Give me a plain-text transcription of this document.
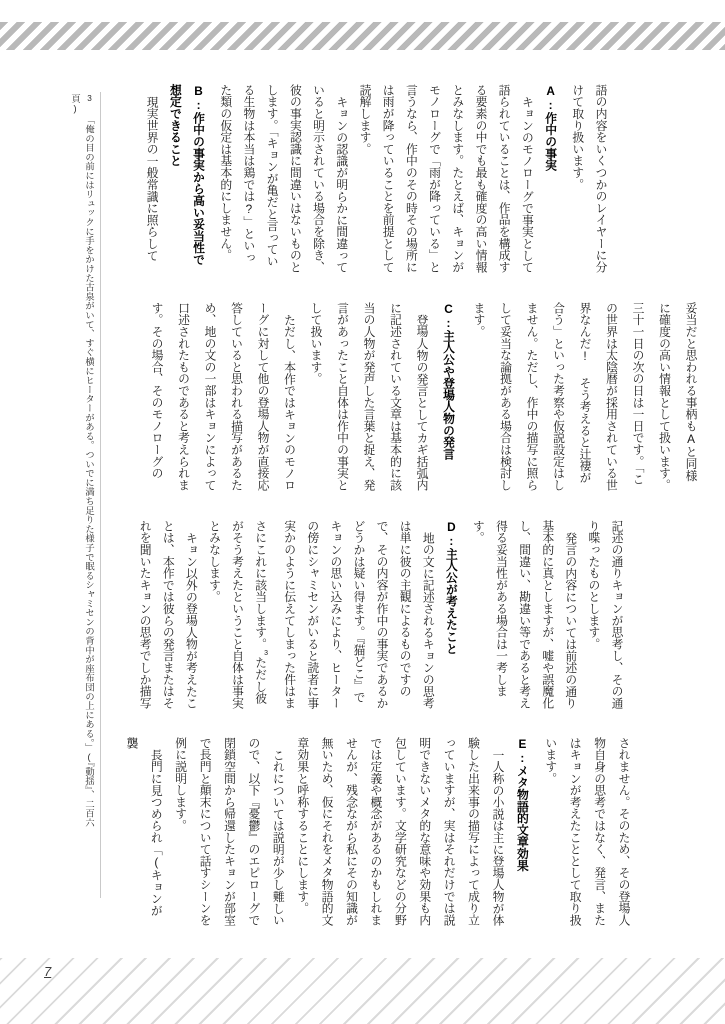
語の内容をいくつかのレイヤーに分けて取り扱います。

A:作中の事実

キョンのモノローグで事実として語られていることは、作品を構成する要素の中でも最も確度の高い情報とみなします。たとえば、キョンがモノローグで「雨が降っている」と言うなら、作中のその時その場所には雨が降っていることを前提として読解します。

キョンの認識が明らかに間違っていると明示されている場合を除き、彼の事実認識に間違いはないものとします。「キョンが亀だと言っている生物は本当は鶏では?」といった類の仮定は基本的にしません。

B:作中の事実から高い妥当性で想定できること

現実世界の一般常識に照らして

妥当だと思われる事柄もAと同様に確度の高い情報として扱います。三十一日の次の日は一日です。「この世界は太陰暦が採用されている世界なんだ! そう考えると辻褄が合う」といった考察や仮説設定はしません。ただし、作中の描写に照らして妥当な論拠がある場合は検討します。

C:主人公や登場人物の発言

登場人物の発言としてカギ括弧内に記述されている文章は基本的に該当の人物が発声した言葉と捉え、発言があったこと自体は作中の事実として扱います。

ただし、本作ではキョンのモノローグに対して他の登場人物が直接応答していると思われる描写があるため、地の文の一部はキョンによって口述されたものであると考えられます。その場合、そのモノローグの

記述の通りキョンが思考し、その通り喋ったものとします。

発言の内容については前述の通り基本的に真としますが、嘘や誤魔化し、間違い、勘違い等であると考え得る妥当性がある場合は一考します。

D:主人公が考えたこと

地の文に記述されるキョンの思考は単に彼の主観によるものですので、その内容が作中の事実であるかどうかは疑い得ます。『猫どこ』でキョンの思い込みにより、ヒーターの傍にシャミセンがいると読者に事実かのように伝えてしまった件はまさにこれに該当します。$^3$ただし彼がそう考えたということ自体は事実とみなします。

キョン以外の登場人物が考えたことは、本作では彼らの発言またはそれを聞いたキョンの思考でしか描写

されません。そのため、その登場人物自身の思考ではなく、発言、またはキョンが考えたこととして取り扱います。

E:メタ物語的文章効果

一人称の小説は主に登場人物が体験した出来事の描写によって成り立っていますが、実はそれだけでは説明できないメタ的な意味や効果も内包しています。文学研究などの分野では定義や概念があるのかもしれませんが、残念ながら私にその知識が無いため、仮にそれをメタ物語的文章効果と呼称することにします。

これについては説明が少し難しいので、以下『憂鬱』のエピローグで閉鎖空間から帰還したキョンが部室で長門と顛末について話すシーンを例に説明します。

長門に見つめられ「(キョンが襲

3「俺の目の前にはリュックに手をかけた古泉がいて、すぐ横にヒーターがある。ついでに満ち足りた様子で眠るシャミセンの背中が座布団の上にある。」(『動揺』、二百六頁)
7
